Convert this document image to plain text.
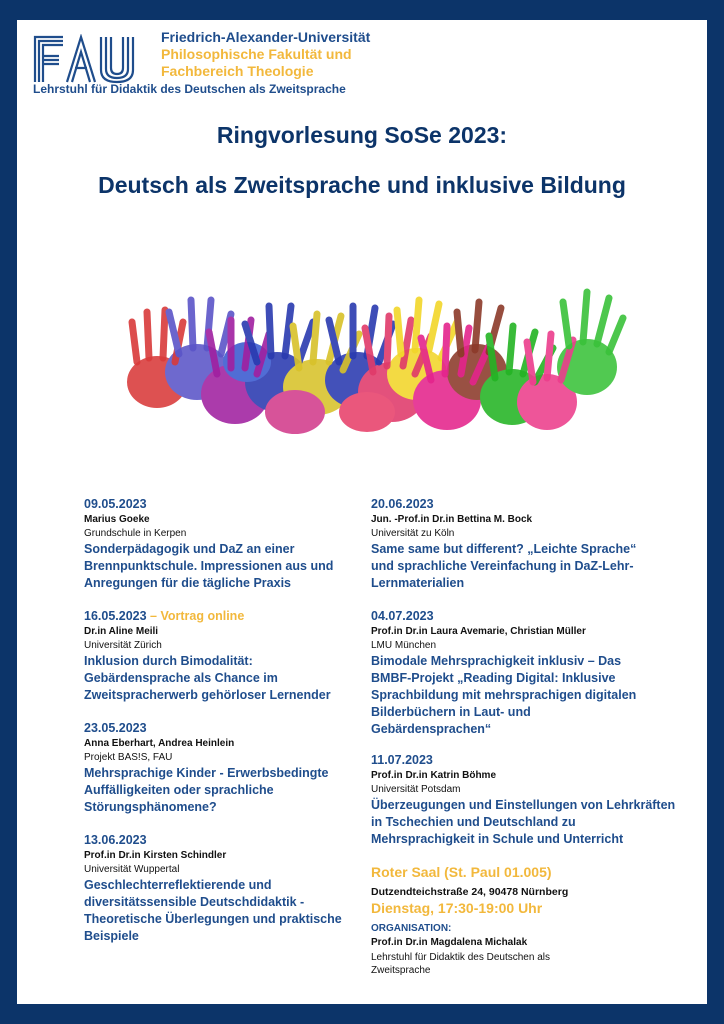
Friedrich-Alexander-Universität
Philosophische Fakultät und
Fachbereich Theologie
Lehrstuhl für Didaktik des Deutschen als Zweitsprache
Ringvorlesung SoSe 2023:
Deutsch als Zweitsprache und inklusive Bildung
09.05.2023
Marius Goeke
Grundschule in Kerpen
Sonderpädagogik und DaZ an einer Brennpunktschule. Impressionen aus und Anregungen für die tägliche Praxis
16.05.2023 – Vortrag online
Dr.in Aline Meili
Universität Zürich
Inklusion durch Bimodalität: Gebärdensprache als Chance im Zweitspracherwerb gehörloser Lernender
23.05.2023
Anna Eberhart, Andrea Heinlein
Projekt BAS!S, FAU
Mehrsprachige Kinder - Erwerbsbedingte Auffälligkeiten oder sprachliche Störungsphänomene?
13.06.2023
Prof.in Dr.in Kirsten Schindler
Universität Wuppertal
Geschlechterreflektierende und diversitätssensible Deutschdidaktik - Theoretische Überlegungen und praktische Beispiele
20.06.2023
Jun. -Prof.in Dr.in Bettina M. Bock
Universität zu Köln
Same same but different? „Leichte Sprache“ und sprachliche Vereinfachung in DaZ-Lehr-Lernmaterialien
04.07.2023
Prof.in Dr.in Laura Avemarie, Christian Müller
LMU München
Bimodale Mehrsprachigkeit inklusiv – Das BMBF-Projekt „Reading Digital: Inklusive Sprachbildung mit mehrsprachigen digitalen Bilderbüchern in Laut- und Gebärdensprachen“
11.07.2023
Prof.in Dr.in Katrin Böhme
Universität Potsdam
Überzeugungen und Einstellungen von Lehrkräften in Tschechien und Deutschland zu Mehrsprachigkeit in Schule und Unterricht
Roter Saal (St. Paul 01.005)
Dutzendteichstraße 24, 90478 Nürnberg
Dienstag, 17:30-19:00 Uhr
ORGANISATION:
Prof.in Dr.in Magdalena Michalak
Lehrstuhl für Didaktik des Deutschen als Zweitsprache
